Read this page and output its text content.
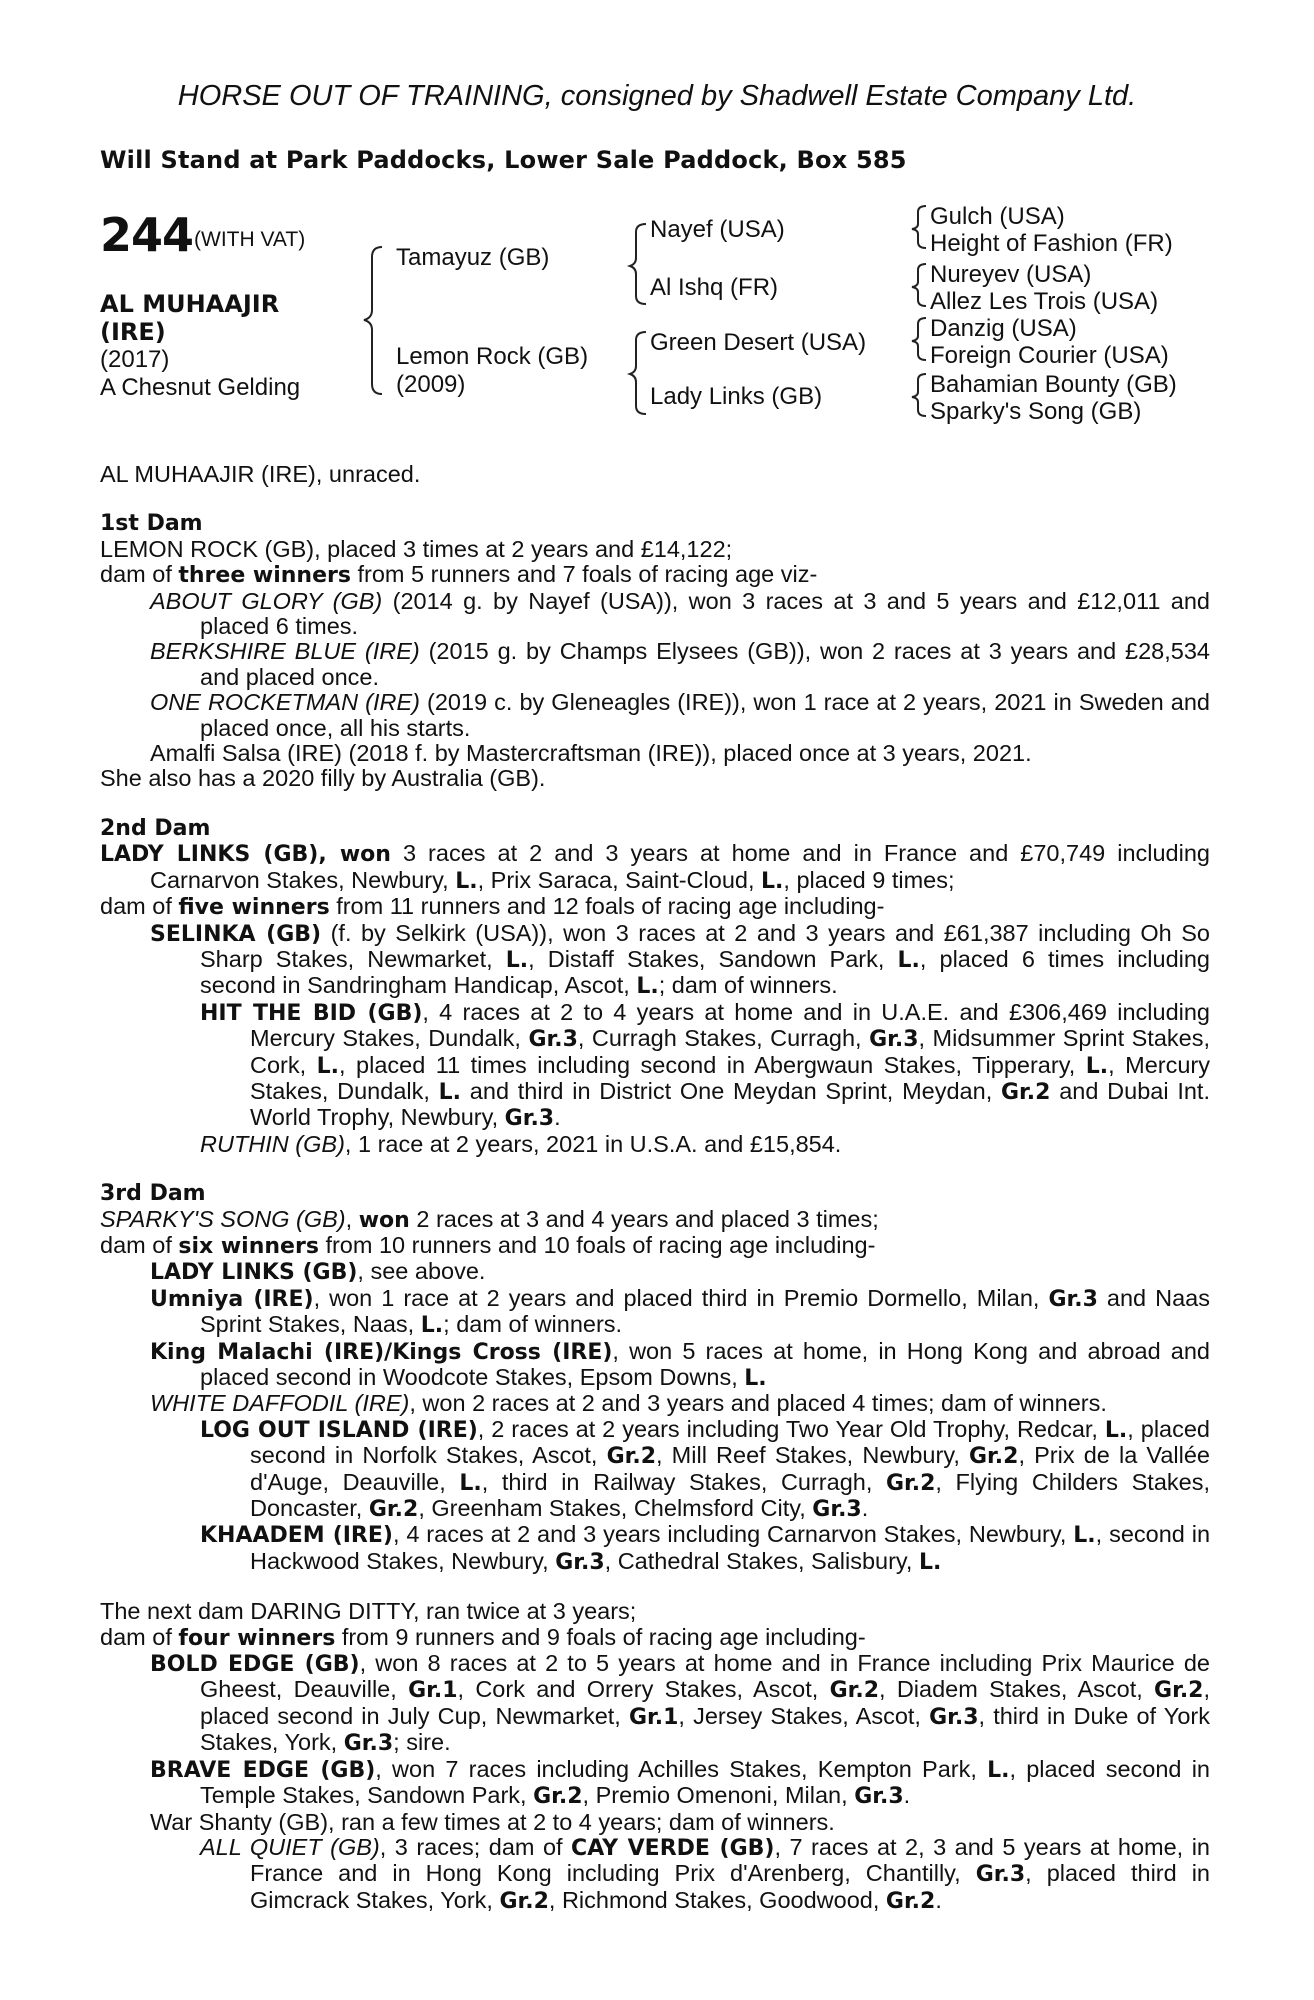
HORSE OUT OF TRAINING, consigned by Shadwell Estate Company Ltd.
Will Stand at Park Paddocks, Lower Sale Paddock, Box 585
244 (WITH VAT)
AL MUHAAJIR
(IRE)
(2017)
A Chesnut Gelding
Tamayuz (GB)
Lemon Rock (GB)
(2009)
Nayef (USA)
Al Ishq (FR)
Green Desert (USA)
Lady Links (GB)
Gulch (USA)
Height of Fashion (FR)
Nureyev (USA)
Allez Les Trois (USA)
Danzig (USA)
Foreign Courier (USA)
Bahamian Bounty (GB)
Sparky's Song (GB)

AL MUHAAJIR (IRE), unraced.

1st Dam

LEMON ROCK (GB), placed 3 times at 2 years and £14,122;

dam of three winners from 5 runners and 7 foals of racing age viz-

ABOUT GLORY (GB) (2014 g. by Nayef (USA)), won 3 races at 3 and 5 years and £12,011 and placed 6 times.

BERKSHIRE BLUE (IRE) (2015 g. by Champs Elysees (GB)), won 2 races at 3 years and £28,534 and placed once.

ONE ROCKETMAN (IRE) (2019 c. by Gleneagles (IRE)), won 1 race at 2 years, 2021 in Sweden and placed once, all his starts.

Amalfi Salsa (IRE) (2018 f. by Mastercraftsman (IRE)), placed once at 3 years, 2021.

She also has a 2020 filly by Australia (GB).

2nd Dam

LADY LINKS (GB), won 3 races at 2 and 3 years at home and in France and £70,749 including Carnarvon Stakes, Newbury, L., Prix Saraca, Saint-Cloud, L., placed 9 times;

dam of five winners from 11 runners and 12 foals of racing age including-

SELINKA (GB) (f. by Selkirk (USA)), won 3 races at 2 and 3 years and £61,387 including Oh So Sharp Stakes, Newmarket, L., Distaff Stakes, Sandown Park, L., placed 6 times including second in Sandringham Handicap, Ascot, L.; dam of winners.

HIT THE BID (GB), 4 races at 2 to 4 years at home and in U.A.E. and £306,469 including Mercury Stakes, Dundalk, Gr.3, Curragh Stakes, Curragh, Gr.3, Midsummer Sprint Stakes, Cork, L., placed 11 times including second in Abergwaun Stakes, Tipperary, L., Mercury Stakes, Dundalk, L. and third in District One Meydan Sprint, Meydan, Gr.2 and Dubai Int. World Trophy, Newbury, Gr.3.

RUTHIN (GB), 1 race at 2 years, 2021 in U.S.A. and £15,854.

3rd Dam

SPARKY'S SONG (GB), won 2 races at 3 and 4 years and placed 3 times;

dam of six winners from 10 runners and 10 foals of racing age including-

LADY LINKS (GB), see above.

Umniya (IRE), won 1 race at 2 years and placed third in Premio Dormello, Milan, Gr.3 and Naas Sprint Stakes, Naas, L.; dam of winners.

King Malachi (IRE)/Kings Cross (IRE), won 5 races at home, in Hong Kong and abroad and placed second in Woodcote Stakes, Epsom Downs, L.

WHITE DAFFODIL (IRE), won 2 races at 2 and 3 years and placed 4 times; dam of winners.

LOG OUT ISLAND (IRE), 2 races at 2 years including Two Year Old Trophy, Redcar, L., placed second in Norfolk Stakes, Ascot, Gr.2, Mill Reef Stakes, Newbury, Gr.2, Prix de la Vallée d'Auge, Deauville, L., third in Railway Stakes, Curragh, Gr.2, Flying Childers Stakes, Doncaster, Gr.2, Greenham Stakes, Chelmsford City, Gr.3.

KHAADEM (IRE), 4 races at 2 and 3 years including Carnarvon Stakes, Newbury, L., second in Hackwood Stakes, Newbury, Gr.3, Cathedral Stakes, Salisbury, L.

The next dam DARING DITTY, ran twice at 3 years;

dam of four winners from 9 runners and 9 foals of racing age including-

BOLD EDGE (GB), won 8 races at 2 to 5 years at home and in France including Prix Maurice de Gheest, Deauville, Gr.1, Cork and Orrery Stakes, Ascot, Gr.2, Diadem Stakes, Ascot, Gr.2, placed second in July Cup, Newmarket, Gr.1, Jersey Stakes, Ascot, Gr.3, third in Duke of York Stakes, York, Gr.3; sire.

BRAVE EDGE (GB), won 7 races including Achilles Stakes, Kempton Park, L., placed second in Temple Stakes, Sandown Park, Gr.2, Premio Omenoni, Milan, Gr.3.

War Shanty (GB), ran a few times at 2 to 4 years; dam of winners.

ALL QUIET (GB), 3 races; dam of CAY VERDE (GB), 7 races at 2, 3 and 5 years at home, in France and in Hong Kong including Prix d'Arenberg, Chantilly, Gr.3, placed third in Gimcrack Stakes, York, Gr.2, Richmond Stakes, Goodwood, Gr.2.
